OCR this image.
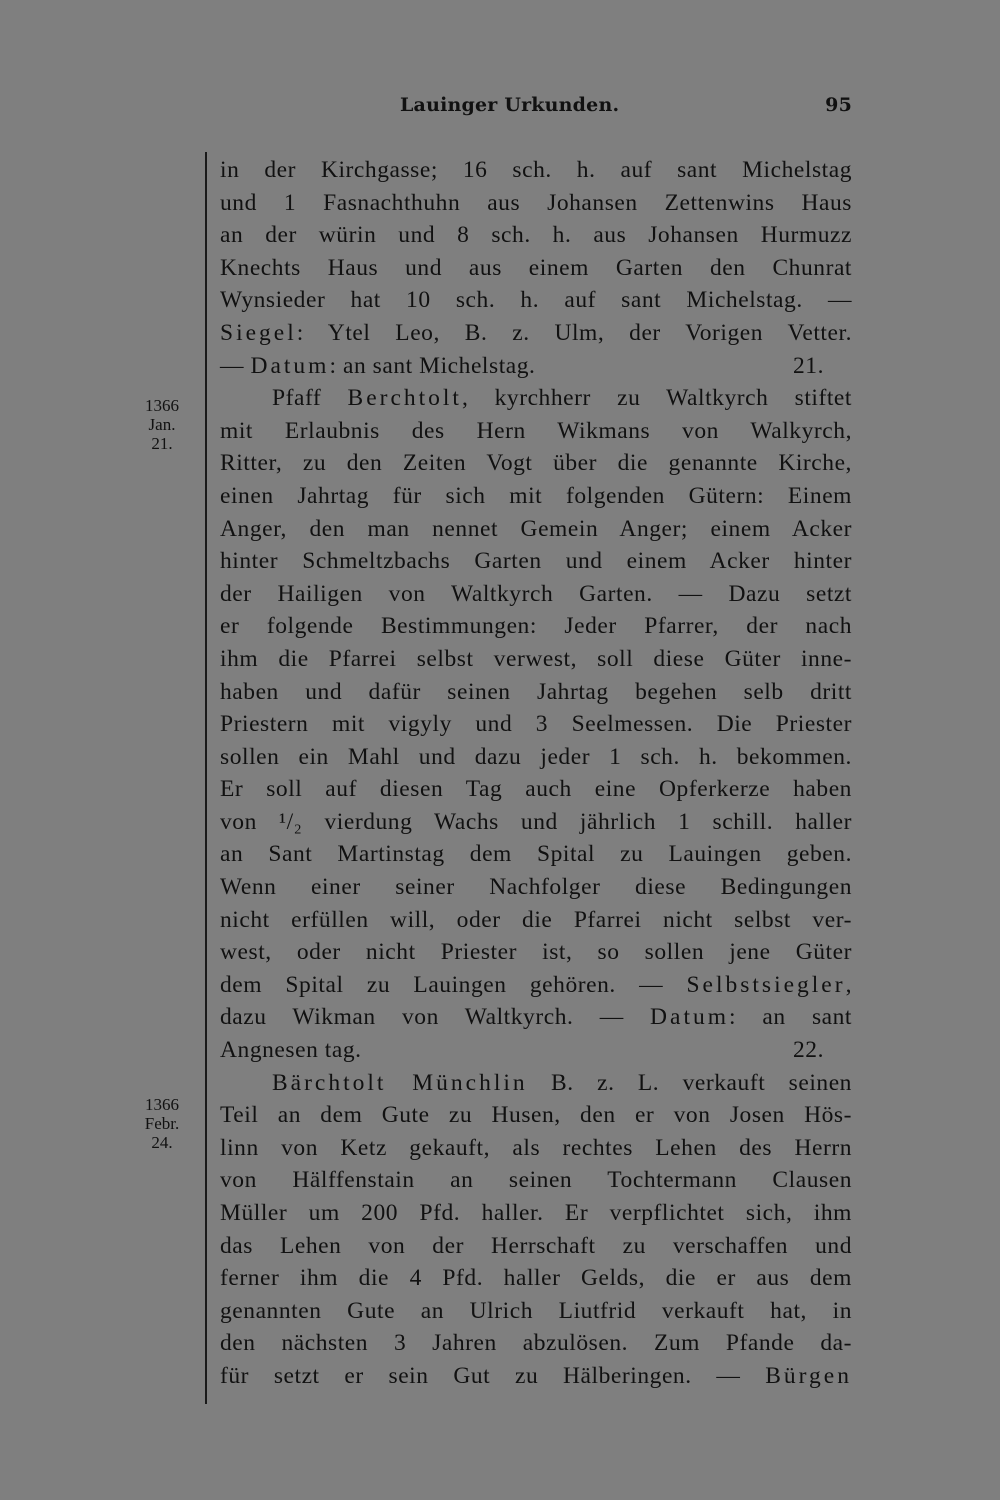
Lauinger Urkunden.	95
1366
Jan.
21.
1366
Febr.
24.
in der Kirchgasse; 16 sch. h. auf sant Michelstag
und 1 Fasnachthuhn aus Johansen Zettenwins Haus
an der würin und 8 sch. h. aus Johansen Hurmuzz
Knechts Haus und aus einem Garten den Chunrat
Wynsieder hat 10 sch. h. auf sant Michelstag. —
Siegel: Ytel Leo, B. z. Ulm, der Vorigen Vetter.
— Datum: an sant Michelstag.	21.
Pfaff Berchtolt, kyrchherr zu Waltkyrch stiftet
mit Erlaubnis des Hern Wikmans von Walkyrch,
Ritter, zu den Zeiten Vogt über die genannte Kirche,
einen Jahrtag für sich mit folgenden Gütern: Einem
Anger, den man nennet Gemein Anger; einem Acker
hinter Schmeltzbachs Garten und einem Acker hinter
der Hailigen von Waltkyrch Garten. — Dazu setzt
er folgende Bestimmungen: Jeder Pfarrer, der nach
ihm die Pfarrei selbst verwest, soll diese Güter inne-
haben und dafür seinen Jahrtag begehen selb dritt
Priestern mit vigyly und 3 Seelmessen. Die Priester
sollen ein Mahl und dazu jeder 1 sch. h. bekommen.
Er soll auf diesen Tag auch eine Opferkerze haben
von ¹/₂ vierdung Wachs und jährlich 1 schill. haller
an Sant Martinstag dem Spital zu Lauingen geben.
Wenn einer seiner Nachfolger diese Bedingungen
nicht erfüllen will, oder die Pfarrei nicht selbst ver-
west, oder nicht Priester ist, so sollen jene Güter
dem Spital zu Lauingen gehören. — Selbstsiegler,
dazu Wikman von Waltkyrch. — Datum: an sant
Angnesen tag.	22.
Bärchtolt Münchlin B. z. L. verkauft seinen
Teil an dem Gute zu Husen, den er von Josen Hös-
linn von Ketz gekauft, als rechtes Lehen des Herrn
von Hälffenstain an seinen Tochtermann Clausen
Müller um 200 Pfd. haller. Er verpflichtet sich, ihm
das Lehen von der Herrschaft zu verschaffen und
ferner ihm die 4 Pfd. haller Gelds, die er aus dem
genannten Gute an Ulrich Liutfrid verkauft hat, in
den nächsten 3 Jahren abzulösen. Zum Pfande da-
für setzt er sein Gut zu Hälberingen. — Bürgen
